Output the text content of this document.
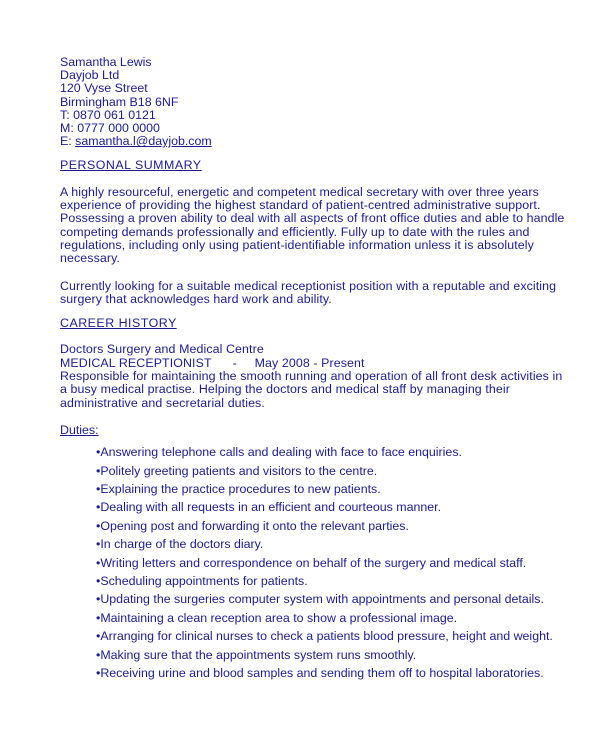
Samantha Lewis
Dayjob Ltd
120 Vyse Street
Birmingham B18 6NF
T: 0870 061 0121
M: 0777 000 0000
E: samantha.l@dayjob.com
PERSONAL SUMMARY
A highly resourceful, energetic and competent medical secretary with over three years
experience of providing the highest standard of patient-centred administrative support.
Possessing a proven ability to deal with all aspects of front office duties and able to handle
competing demands professionally and efficiently. Fully up to date with the rules and
regulations, including only using patient-identifiable information unless it is absolutely
necessary.
Currently looking for a suitable medical receptionist position with a reputable and exciting
surgery that acknowledges hard work and ability.
CAREER HISTORY
Doctors Surgery and Medical Centre
MEDICAL RECEPTIONIST      -     May 2008 - Present
Responsible for maintaining the smooth running and operation of all front desk activities in
a busy medical practise. Helping the doctors and medical staff by managing their
administrative and secretarial duties.
Duties:
•Answering telephone calls and dealing with face to face enquiries.
•Politely greeting patients and visitors to the centre.
•Explaining the practice procedures to new patients.
•Dealing with all requests in an efficient and courteous manner.
•Opening post and forwarding it onto the relevant parties.
•In charge of the doctors diary.
•Writing letters and correspondence on behalf of the surgery and medical staff.
•Scheduling appointments for patients.
•Updating the surgeries computer system with appointments and personal details.
•Maintaining a clean reception area to show a professional image.
•Arranging for clinical nurses to check a patients blood pressure, height and weight.
•Making sure that the appointments system runs smoothly.
•Receiving urine and blood samples and sending them off to hospital laboratories.
